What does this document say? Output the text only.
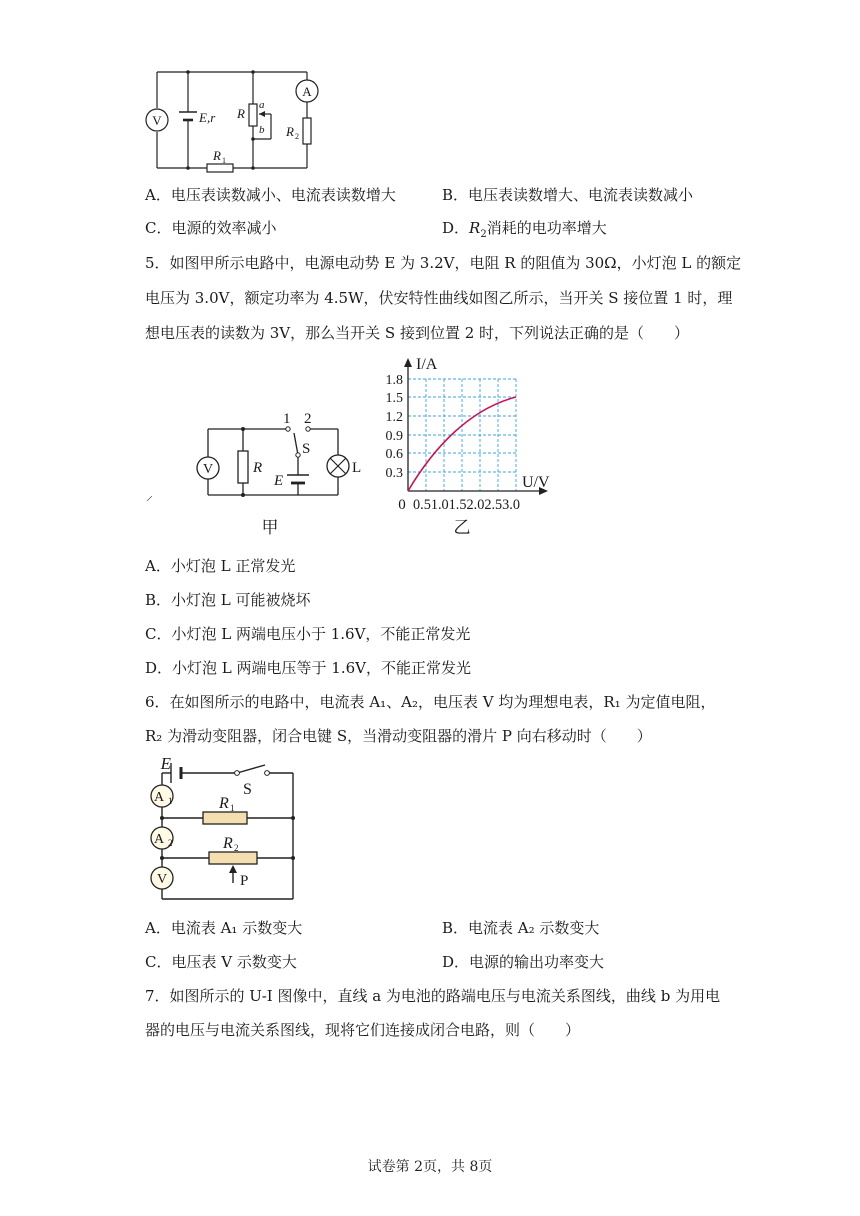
V	E,r R
a
b
A
R 2
R 1
A．电压表读数减小、电流表读数增大	B．电压表读数增大、电流表读数减小
C．电源的效率减小	D．$R_2$消耗的电功率增大
5．如图甲所示电路中，电源电动势 E 为 3.2V，电阻 R 的阻值为 30Ω，小灯泡 L 的额定
电压为 3.0V，额定功率为 4.5W，伏安特性曲线如图乙所示，当开关 S 接位置 1 时，理
想电压表的读数为 3V，那么当开关 S 接到位置 2 时，下列说法正确的是（　　）
⸝
1 2
S
E
V	R	L
甲
I/A
U/V
1.8
1.5
1.2
0.9
0.6
0.3
0 0.51.01.52.02.53.0
乙
A．小灯泡 L 正常发光
B．小灯泡 L 可能被烧坏
C．小灯泡 L 两端电压小于 1.6V，不能正常发光
D．小灯泡 L 两端电压等于 1.6V，不能正常发光
6．在如图所示的电路中，电流表 A₁、A₂，电压表 V 均为理想电表，R₁ 为定值电阻，
R₂ 为滑动变阻器，闭合电键 S，当滑动变阻器的滑片 P 向右移动时（　　）
E
S
A 1	R 1
A 2	R 2
P
V
A．电流表 A₁ 示数变大	B．电流表 A₂ 示数变大
C．电压表 V 示数变大	D．电源的输出功率变大
7．如图所示的 U-I 图像中，直线 a 为电池的路端电压与电流关系图线，曲线 b 为用电
器的电压与电流关系图线，现将它们连接成闭合电路，则（　　）
试卷第 2页，共 8页
